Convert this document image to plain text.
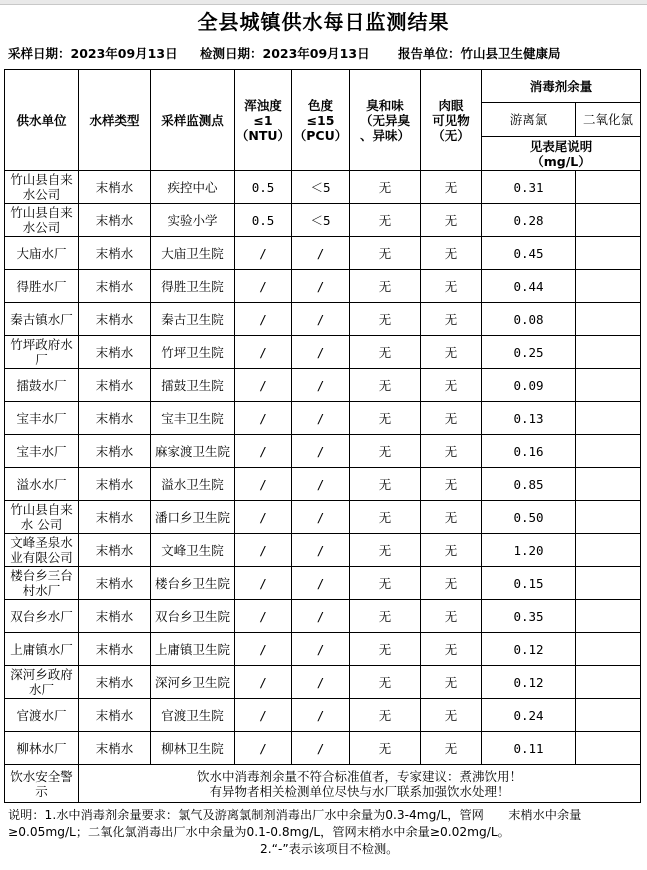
全县城镇供水每日监测结果
采样日期：2023年09月13日 检测日期：2023年09月13日 报告单位：竹山县卫生健康局
供水单位	水样类型	采样监测点	浑浊度
≤1
（NTU）	色度
≤15
（PCU）	臭和味
（无异臭
、异味）	肉眼
可见物
（无）	消毒剂余量	
							游离氯	二氧化氯
							见表尾说明
（mg/L）	
竹山县自来水公司	末梢水	疾控中心	0.5	＜5	无	无	0.31	
竹山县自来水公司	末梢水	实验小学	0.5	＜5	无	无	0.28	
大庙水厂	末梢水	大庙卫生院	/	/	无	无	0.45	
得胜水厂	末梢水	得胜卫生院	/	/	无	无	0.44	
秦古镇水厂	末梢水	秦古卫生院	/	/	无	无	0.08	
竹坪政府水厂	末梢水	竹坪卫生院	/	/	无	无	0.25	
擂鼓水厂	末梢水	擂鼓卫生院	/	/	无	无	0.09	
宝丰水厂	末梢水	宝丰卫生院	/	/	无	无	0.13	
宝丰水厂	末梢水	麻家渡卫生院	/	/	无	无	0.16	
溢水水厂	末梢水	溢水卫生院	/	/	无	无	0.85	
竹山县自来水 公司	末梢水	潘口乡卫生院	/	/	无	无	0.50	
文峰圣泉水业有限公司	末梢水	文峰卫生院	/	/	无	无	1.20	
楼台乡三台村水厂	末梢水	楼台乡卫生院	/	/	无	无	0.15	
双台乡水厂	末梢水	双台乡卫生院	/	/	无	无	0.35	
上庸镇水厂	末梢水	上庸镇卫生院	/	/	无	无	0.12	
深河乡政府水厂	末梢水	深河乡卫生院	/	/	无	无	0.12	
官渡水厂	末梢水	官渡卫生院	/	/	无	无	0.24	
柳林水厂	末梢水	柳林卫生院	/	/	无	无	0.11	
饮水安全警示	饮水中消毒剂余量不符合标准值者，专家建议：煮沸饮用！
有异物者相关检测单位尽快与水厂联系加强饮水处理！							
说明：1.水中消毒剂余量要求：氯气及游离氯制剂消毒出厂水中余量为0.3-4mg/L，管网　　末梢水中余量
≥0.05mg/L；二氧化氯消毒出厂水中余量为0.1-0.8mg/L，管网末梢水中余量≥0.02mg/L。
2.“-”表示该项目不检测。
